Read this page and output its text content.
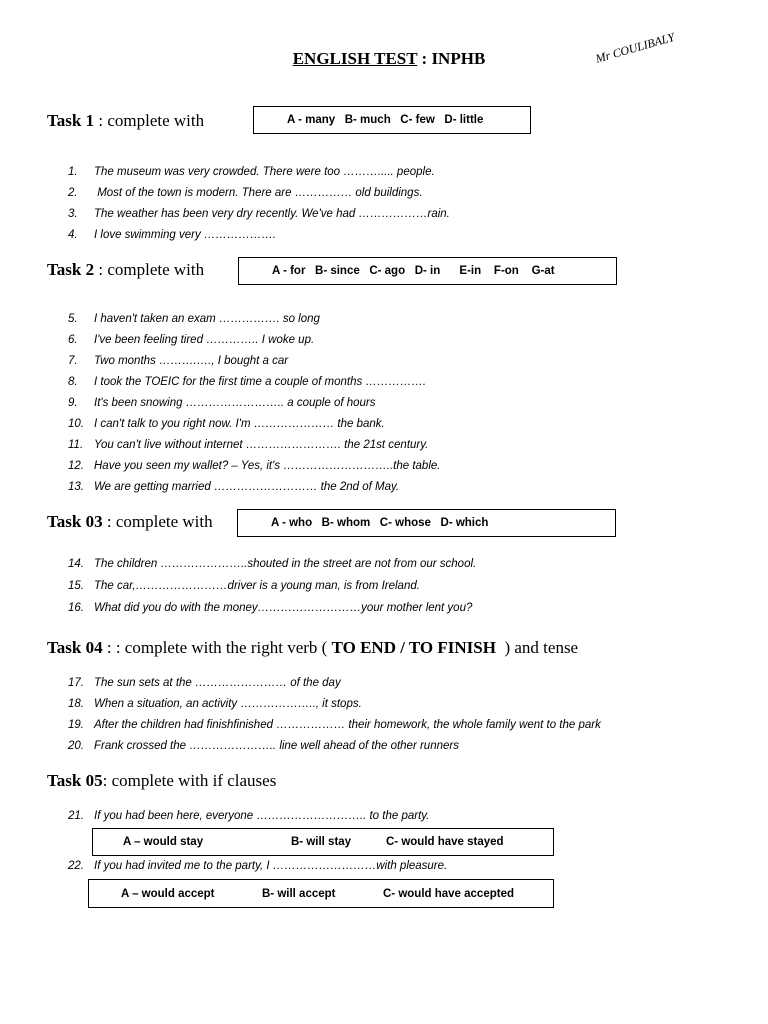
ENGLISH TEST : INPHB	Mr COULIBALY
Task 1 : complete with	A - many   B- much   C- few   D- little
1. The museum was very crowded. There were too ………..... people.
2. Most of the town is modern. There are …………… old buildings.
3. The weather has been very dry recently. We've had ………………rain.
4. I love swimming very ……………….
Task 2 : complete with	A - for   B- since   C- ago   D- in      E-in    F-on    G-at
5. I haven't taken an exam ……………. so long
6. I've been feeling tired ………….. I woke up.
7. Two months ……….…., I bought a car
8. I took the TOEIC for the first time a couple of months …………….
9. It's been snowing …………………….. a couple of hours
10. I can't talk to you right now. I'm ………………… the bank.
11. You can't live without internet ……………………. the 21st century.
12. Have you seen my wallet? – Yes, it's ………………………..the table.
13. We are getting married ……………………… the 2nd of May.
Task 03 : complete with	A - who   B- whom   C- whose   D- which
14. The children …………………..shouted in the street are not from our school.
15. The car,……………………driver is a young man, is from Ireland.
16. What did you do with the money………………………your mother lent you?
Task 04 : : complete with the right verb ( TO END / TO FINISH  ) and tense
17. The sun sets at the …………………… of the day
18. When a situation, an activity ……………….., it stops.
19. After the children had finishfinished ……………… their homework, the whole family went to the park
20. Frank crossed the ………………….. line well ahead of the other runners
Task 05: complete with if clauses
21. If you had been here, everyone ……………………….. to the party.
A – would stay	B- will stay	C- would have stayed
22. If you had invited me to the party, I ………………………with pleasure.
A – would accept	B- will accept	C- would have accepted
